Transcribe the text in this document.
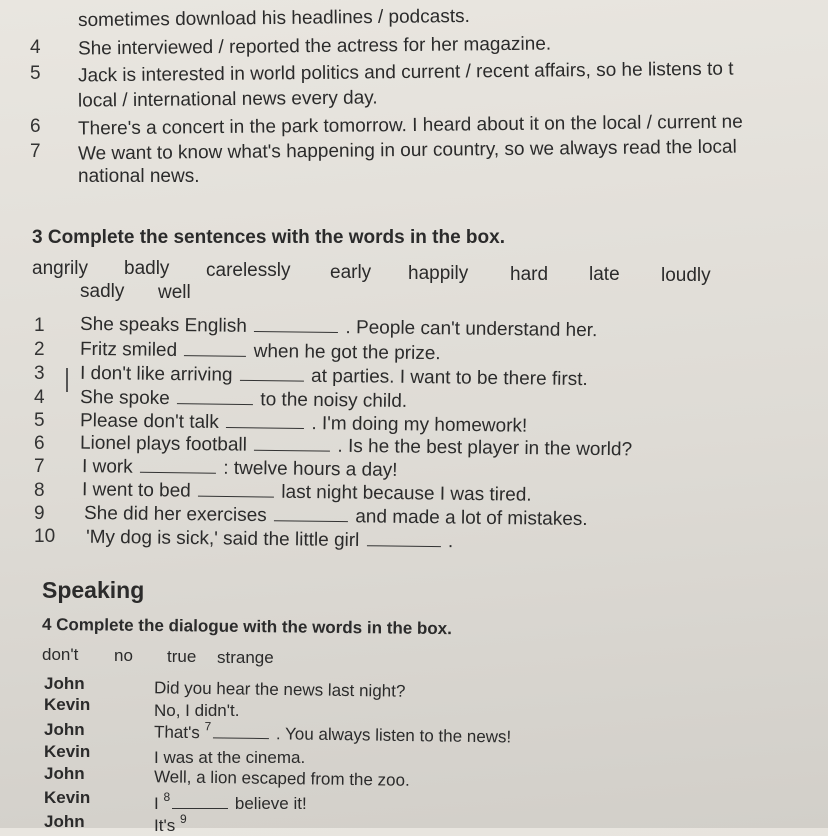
sometimes download his headlines / podcasts.
4 She interviewed / reported the actress for her magazine.
5 Jack is interested in world politics and current / recent affairs, so he listens to t
local / international news every day.
6 There's a concert in the park tomorrow. I heard about it on the local / current ne
7 We want to know what's happening in our country, so we always read the local
national news.
3 Complete the sentences with the words in the box.
angrily badly carelessly early happily hard late loudly
sadly well
1 She speaks English	. People can't understand her.
2 Fritz smiled	when he got the prize.
3 I don't like arriving	at parties. I want to be there first.
4 She spoke	to the noisy child.
5 Please don't talk	. I'm doing my homework!
6 Lionel plays football	. Is he the best player in the world?
7 I work	: twelve hours a day!
8 I went to bed	last night because I was tired.
9 She did her exercises	and made a lot of mistakes.
10 'My dog is sick,' said the little girl	.
Speaking
4 Complete the dialogue with the words in the box.
don't no true strange
John	Did you hear the news last night?
Kevin	No, I didn't.
John	That's $^7$	. You always listen to the news!
Kevin	I was at the cinema.
John	Well, a lion escaped from the zoo.
Kevin	I $^8$	believe it!
John	It's $^9$
